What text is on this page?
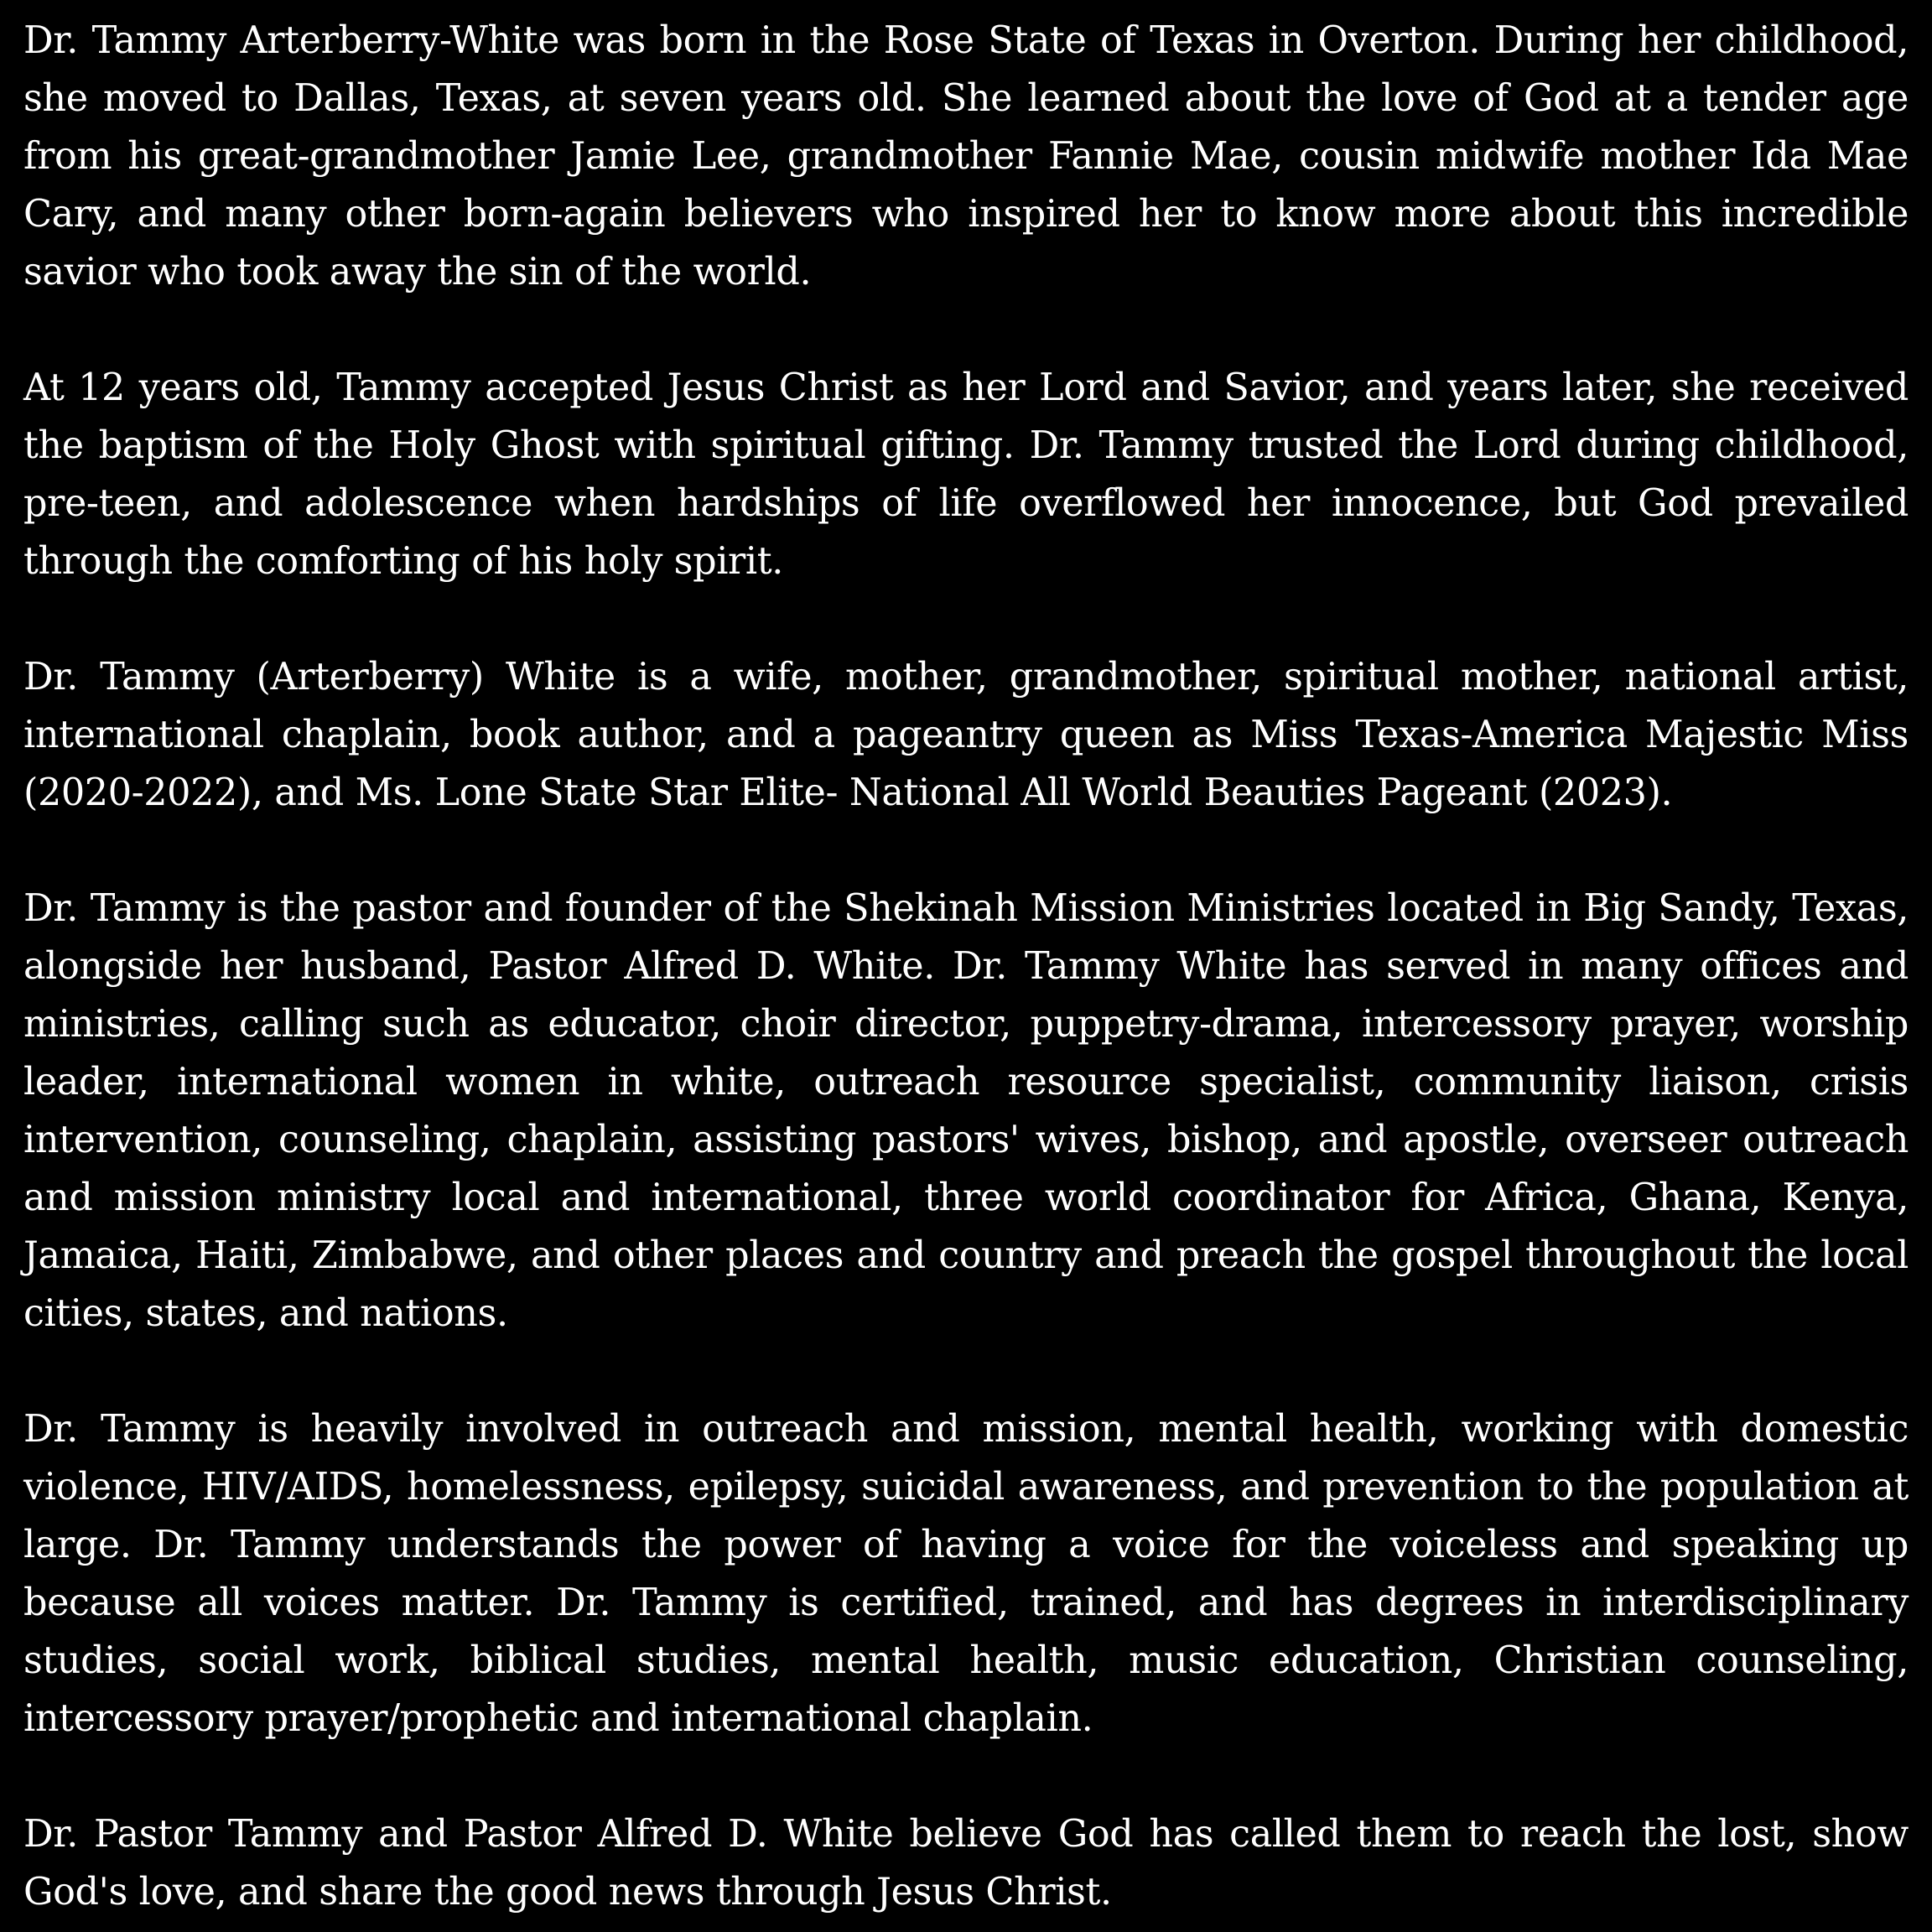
Dr. Tammy Arterberry-White was born in the Rose State of Texas in Overton. During her childhood, she moved to Dallas, Texas, at seven years old. She learned about the love of God at a tender age from his great-grandmother Jamie Lee, grandmother Fannie Mae, cousin midwife mother Ida Mae Cary, and many other born-again believers who inspired her to know more about this incredible savior who took away the sin of the world.

At 12 years old, Tammy accepted Jesus Christ as her Lord and Savior, and years later, she received the baptism of the Holy Ghost with spiritual gifting. Dr. Tammy trusted the Lord during childhood, pre-teen, and adolescence when hardships of life overflowed her innocence, but God prevailed through the comforting of his holy spirit.

Dr. Tammy (Arterberry) White is a wife, mother, grandmother, spiritual mother, national artist, international chaplain, book author, and a pageantry queen as Miss Texas-America Majestic Miss (2020-2022), and Ms. Lone State Star Elite- National All World Beauties Pageant (2023).

Dr. Tammy is the pastor and founder of the Shekinah Mission Ministries located in Big Sandy, Texas, alongside her husband, Pastor Alfred D. White. Dr. Tammy White has served in many offices and ministries, calling such as educator, choir director, puppetry-drama, intercessory prayer, worship leader, international women in white, outreach resource specialist, community liaison, crisis intervention, counseling, chaplain, assisting pastors' wives, bishop, and apostle, overseer outreach and mission ministry local and international, three world coordinator for Africa, Ghana, Kenya, Jamaica, Haiti, Zimbabwe, and other places and country and preach the gospel throughout the local cities, states, and nations.

Dr. Tammy is heavily involved in outreach and mission, mental health, working with domestic violence, HIV/AIDS, homelessness, epilepsy, suicidal awareness, and prevention to the population at large. Dr. Tammy understands the power of having a voice for the voiceless and speaking up because all voices matter. Dr. Tammy is certified, trained, and has degrees in interdisciplinary studies, social work, biblical studies, mental health, music education, Christian counseling, intercessory prayer/prophetic and international chaplain.

Dr. Pastor Tammy and Pastor Alfred D. White believe God has called them to reach the lost, show God's love, and share the good news through Jesus Christ.
